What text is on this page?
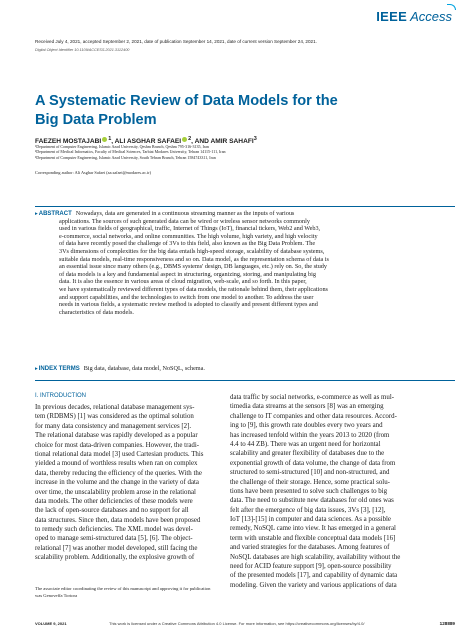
IEEE Access
Received July 4, 2021, accepted September 2, 2021, date of publication September 14, 2021, date of current version September 24, 2021.
Digital Object Identifier 10.1109/ACCESS.2021.3112400
A Systematic Review of Data Models for the Big Data Problem
FAEZEH MOSTAJABI $^1$, ALI ASGHAR SAFAEI $^2$, AND AMIR SAHAFI$^3$
¹Department of Computer Engineering, Islamic Azad University, Qeshm Branch, Qeshm 795-316-3135, Iran
²Department of Medical Informatics, Faculty of Medical Sciences, Tarbiat Modares University, Tehran 14115-111, Iran
³Department of Computer Engineering, Islamic Azad University, South Tehran Branch, Tehran 1584743311, Iran
Corresponding author: Ali Asghar Safaei (aa.safaei@modares.ac.ir)
▸ABSTRACT Nowadays, data are generated in a continuous streaming manner as the inputs of various
applications. The sources of such generated data can be wired or wireless sensor networks commonly
used in various fields of geographical, traffic, Internet of Things (IoT), financial tickers, Web2 and Web3,
e-commerce, social networks, and online communities. The high volume, high variety, and high velocity
of data have recently posed the challenge of 3Vs to this field, also known as the Big Data Problem. The
3Vs dimensions of complexities for the big data entails high-speed storage, scalability of database systems,
suitable data models, real-time responsiveness and so on. Data model, as the representation schema of data is
an essential issue since many others (e.g., DBMS systems' design, DB languages, etc.) rely on. So, the study
of data models is a key and fundamental aspect in structuring, organizing, storing, and manipulating big
data. It is also the essence in various areas of cloud migration, web-scale, and so forth. In this paper,
we have systematically reviewed different types of data models, the rationale behind them, their applications
and support capabilities, and the technologies to switch from one model to another. To address the user
needs in various fields, a systematic review method is adopted to classify and present different types and
characteristics of data models.
▸INDEX TERMS Big data, database, data model, NoSQL, schema.
I. INTRODUCTION
In previous decades, relational database management sys-
tem (RDBMS) [1] was considered as the optimal solution
for many data consistency and management services [2].
The relational database was rapidly developed as a popular
choice for most data-driven companies. However, the tradi-
tional relational data model [3] used Cartesian products. This
yielded a mound of worthless results when ran on complex
data, thereby reducing the efficiency of the queries. With the
increase in the volume and the change in the variety of data
over time, the unscalability problem arose in the relational
data models. The other deficiencies of these models were
the lack of open-source databases and no support for all
data structures. Since then, data models have been proposed
to remedy such deficiencies. The XML model was devel-
oped to manage semi-structured data [5], [6]. The object-
relational [7] was another model developed, still facing the
scalability problem. Additionally, the explosive growth of
The associate editor coordinating the review of this manuscript and approving it for publication was Genoveffa Tortora
data traffic by social networks, e-commerce as well as mul-
timedia data streams at the sensors [8] was an emerging
challenge to IT companies and other data resources. Accord-
ing to [9], this growth rate doubles every two years and
has increased tenfold within the years 2013 to 2020 (from
4.4 to 44 ZB). There was an urgent need for horizontal
scalability and greater flexibility of databases due to the
exponential growth of data volume, the change of data from
structured to semi-structured [10] and non-structured, and
the challenge of their storage. Hence, some practical solu-
tions have been presented to solve such challenges to big
data. The need to substitute new databases for old ones was
felt after the emergence of big data issues, 3Vs [3], [12],
IoT [13]-[15] in computer and data sciences. As a possible
remedy, NoSQL came into view. It has emerged in a general
term with unstable and flexible conceptual data models [16]
and varied strategies for the databases. Among features of
NoSQL databases are high scalability, availability without the
need for ACID feature support [9], open-source possibility
of the presented models [17], and capability of dynamic data
modeling. Given the variety and various applications of data
VOLUME 9, 2021	This work is licensed under a Creative Commons Attribution 4.0 License. For more information, see https://creativecommons.org/licenses/by/4.0/	128889
